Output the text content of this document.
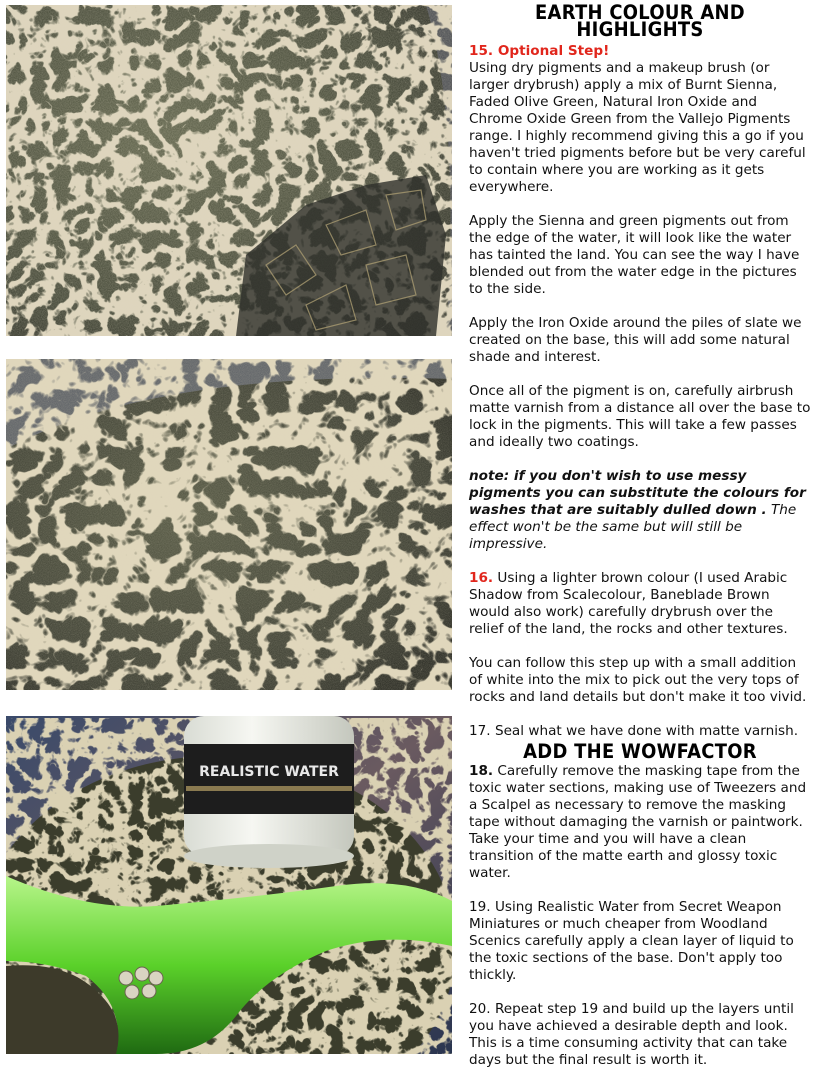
REALISTIC WATER
EARTH COLOUR AND HIGHLIGHTS
15. Optional Step!
Using dry pigments and a makeup brush (or larger drybrush) apply a mix of Burnt Sienna, Faded Olive Green, Natural Iron Oxide and Chrome Oxide Green from the Vallejo Pigments range. I highly recommend giving this a go if you haven't tried pigments before but be very careful to contain where you are working as it gets everywhere.

Apply the Sienna and green pigments out from the edge of the water, it will look like the water has tainted the land. You can see the way I have blended out from the water edge in the pictures to the side.

Apply the Iron Oxide around the piles of slate we created on the base, this will add some natural shade and interest.

Once all of the pigment is on, carefully airbrush matte varnish from a distance all over the base to lock in the pigments. This will take a few passes and ideally two coatings.

note: if you don't wish to use messy pigments you can substitute the colours for washes that are suitably dulled down . The effect won't be the same but will still be impressive.

16. Using a lighter brown colour (I used Arabic Shadow from Scalecolour, Baneblade Brown would also work) carefully drybrush over the relief of the land, the rocks and other textures.

You can follow this step up with a small addition of white into the mix to pick out the very tops of rocks and land details but don't make it too vivid.

17. Seal what we have done with matte varnish.

ADD THE WOWFACTOR

18. Carefully remove the masking tape from the toxic water sections, making use of Tweezers and a Scalpel as necessary to remove the masking tape without damaging the varnish or paintwork. Take your time and you will have a clean transition of the matte earth and glossy toxic water.

19. Using Realistic Water from Secret Weapon Miniatures or much cheaper from Woodland Scenics carefully apply a clean layer of liquid to the toxic sections of the base. Don't apply too thickly.

20. Repeat step 19 and build up the layers until you have achieved a desirable depth and look. This is a time consuming activity that can take days but the final result is worth it.
